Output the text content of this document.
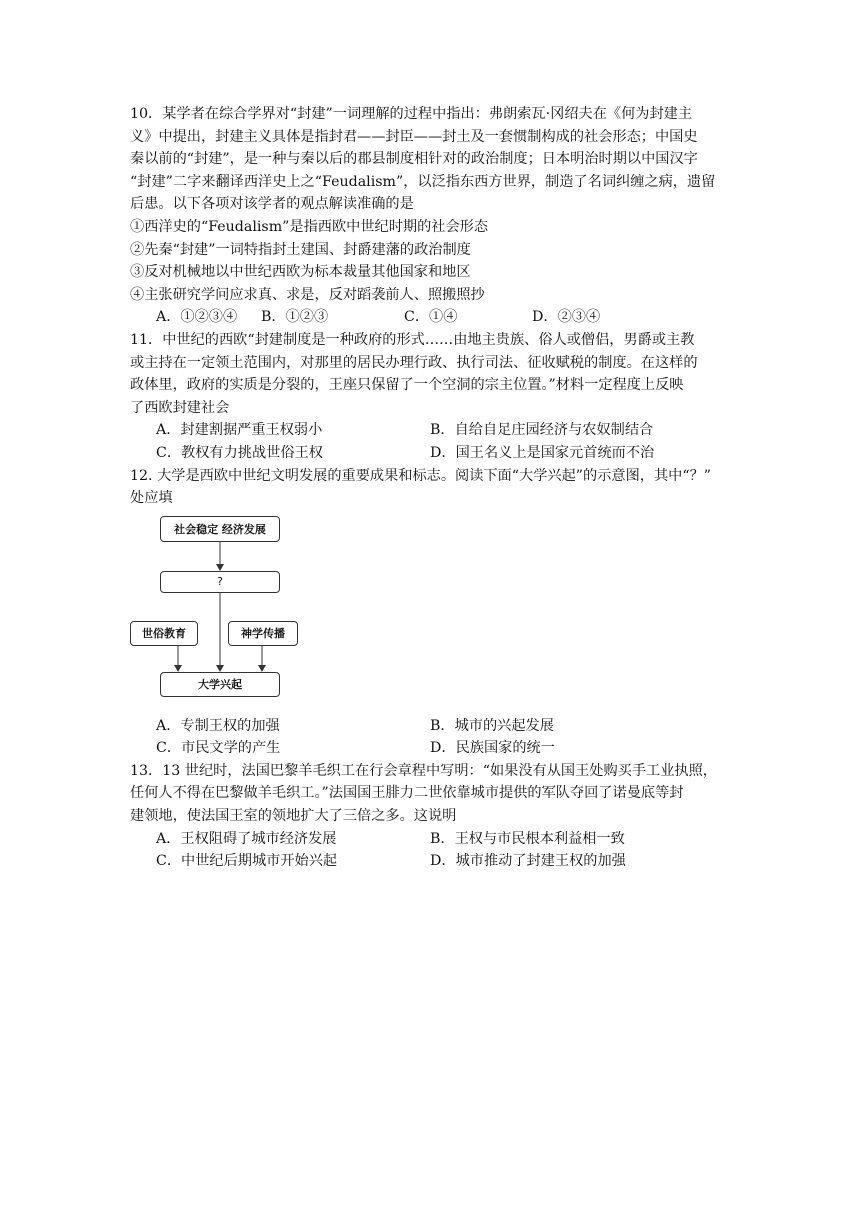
10．某学者在综合学界对“封建”一词理解的过程中指出：弗朗索瓦·冈绍夫在《何为封建主

义》中提出，封建主义具体是指封君——封臣——封土及一套惯制构成的社会形态；中国史

秦以前的“封建”，是一种与秦以后的郡县制度相针对的政治制度；日本明治时期以中国汉字

“封建”二字来翻译西洋史上之“Feudalism”，以泛指东西方世界，制造了名词纠缠之病，遗留

后患。以下各项对该学者的观点解读准确的是

①西洋史的“Feudalism”是指西欧中世纪时期的社会形态

②先秦“封建”一词特指封土建国、封爵建藩的政治制度

③反对机械地以中世纪西欧为标本裁量其他国家和地区

④主张研究学问应求真、求是，反对蹈袭前人、照搬照抄

A．①②③④	B．①②③	C．①④	D．②③④

11．中世纪的西欧“封建制度是一种政府的形式……由地主贵族、俗人或僧侣，男爵或主教

或主持在一定领土范围内，对那里的居民办理行政、执行司法、征收赋税的制度。在这样的

政体里，政府的实质是分裂的，王座只保留了一个空洞的宗主位置。”材料一定程度上反映

了西欧封建社会

A．封建割据严重王权弱小	B．自给自足庄园经济与农奴制结合
C．教权有力挑战世俗王权	D．国王名义上是国家元首统而不治

12. 大学是西欧中世纪文明发展的重要成果和标志。阅读下面“大学兴起”的示意图，其中“？”

处应填

社会稳定 经济发展
?
世俗教育	神学传播
大学兴起
A．专制王权的加强	B．城市的兴起发展
C．市民文学的产生	D．民族国家的统一

13．13 世纪时，法国巴黎羊毛织工在行会章程中写明：“如果没有从国王处购买手工业执照，

任何人不得在巴黎做羊毛织工。”法国国王腓力二世依靠城市提供的军队夺回了诺曼底等封

建领地，使法国王室的领地扩大了三倍之多。这说明

A．王权阻碍了城市经济发展	B．王权与市民根本利益相一致
C．中世纪后期城市开始兴起	D．城市推动了封建王权的加强
